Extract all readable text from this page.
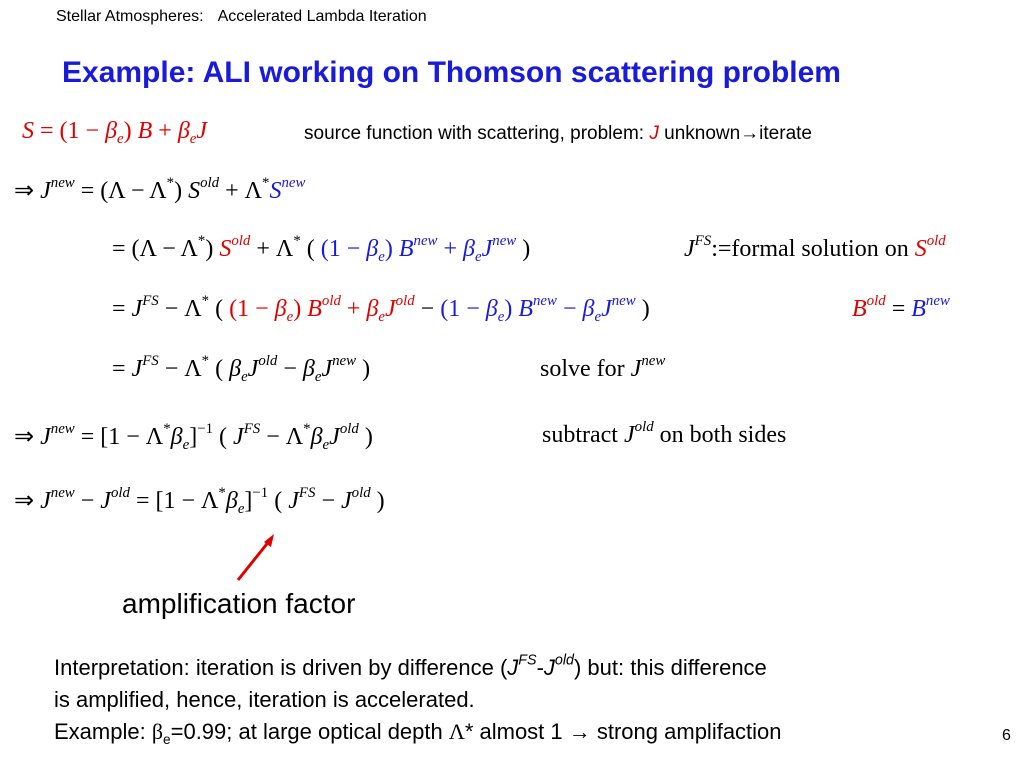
Stellar Atmospheres: Accelerated Lambda Iteration
Example: ALI working on Thomson scattering problem
$S = (1 - \beta_e)$ $B + \beta_eJ$	source function with scattering, problem: J unknown→iterate
⇒ $J^{new} = (\Lambda - \Lambda^*) S^{old} + \Lambda^*S^{new}$
= (Λ − Λ*) $S^{old} + \Lambda^*$ ( $(1 - \beta_e)$ $B^{new} + \beta_eJ^{new}$ )	$J^{FS}:=formal$ solution on $S^{old}$
= $J^{FS} - \Lambda^*$ ( $(1 - \beta_e)$ $B^{old} + \beta_eJ^{old} - (1 - \beta_e) B^{new} - \beta_eJ^{new}$ )	$B^{old} = B^{new}$
= $J^{FS} - \Lambda^*$ ( $\beta_eJ^{old} - \beta_eJ^{new}$ )	solve for $J^{new}$
⇒ $J^{new} = [1 - \Lambda^*\beta_e]^{-1}$ ( $J^{FS} - \Lambda^*\beta_eJ^{old}$ )	subtract $J^{old}$ on both sides
⇒ $J^{new} - J^{old} = [1 - \Lambda^*\beta_e]^{-1}$ ( $J^{FS} - J^{old}$ )
amplification factor
Interpretation: iteration is driven by difference $(J^{FS}-J^{old})$ but: this difference
is amplified, hence, iteration is accelerated.
Example: $\beta_e=0.99$; at large optical depth Λ* almost 1 → strong amplifaction	6
